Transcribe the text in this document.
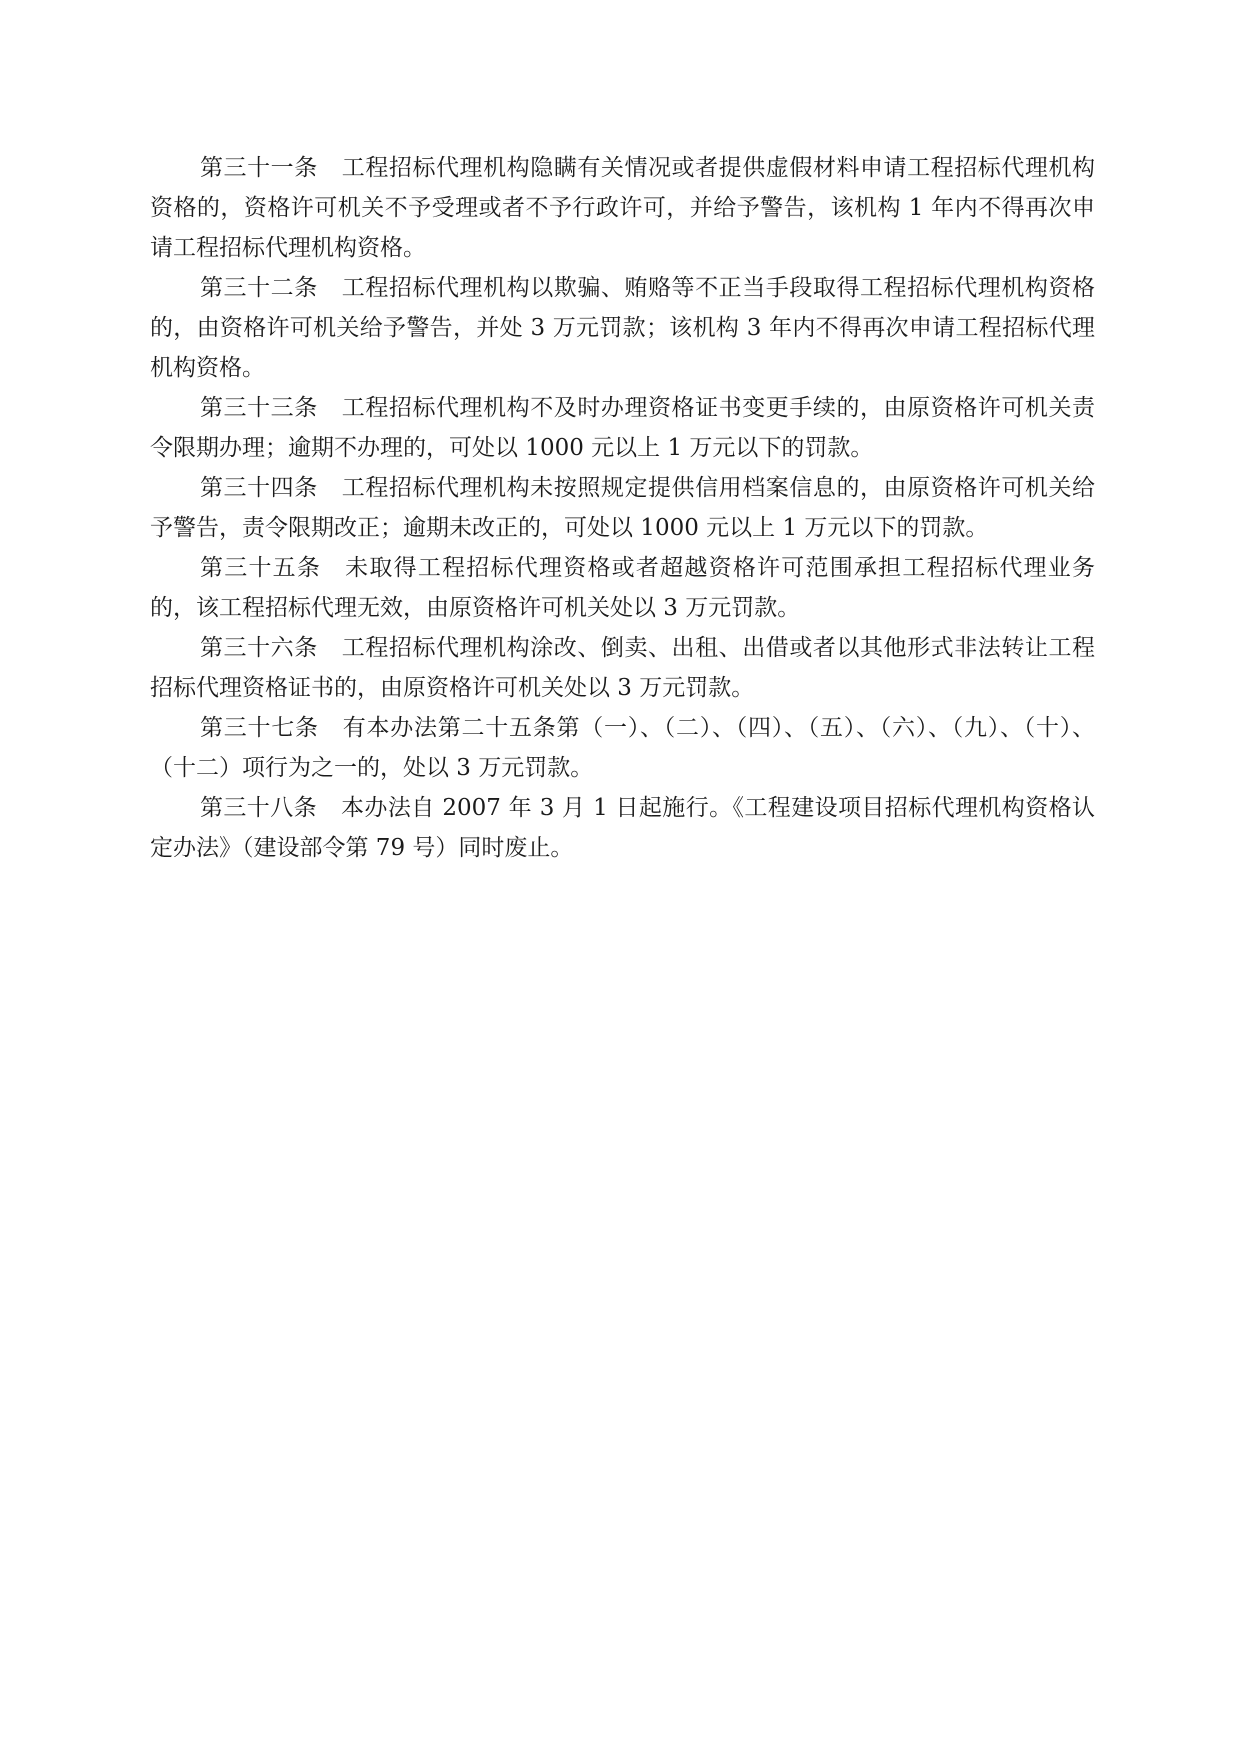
第三十一条 工程招标代理机构隐瞒有关情况或者提供虚假材料申请工程招标代理机构资格的，资格许可机关不予受理或者不予行政许可，并给予警告，该机构 1 年内不得再次申请工程招标代理机构资格。

第三十二条 工程招标代理机构以欺骗、贿赂等不正当手段取得工程招标代理机构资格的，由资格许可机关给予警告，并处 3 万元罚款；该机构 3 年内不得再次申请工程招标代理机构资格。

第三十三条 工程招标代理机构不及时办理资格证书变更手续的，由原资格许可机关责令限期办理；逾期不办理的，可处以 1000 元以上 1 万元以下的罚款。

第三十四条 工程招标代理机构未按照规定提供信用档案信息的，由原资格许可机关给予警告，责令限期改正；逾期未改正的，可处以 1000 元以上 1 万元以下的罚款。

第三十五条 未取得工程招标代理资格或者超越资格许可范围承担工程招标代理业务的，该工程招标代理无效，由原资格许可机关处以 3 万元罚款。

第三十六条 工程招标代理机构涂改、倒卖、出租、出借或者以其他形式非法转让工程招标代理资格证书的，由原资格许可机关处以 3 万元罚款。

第三十七条 有本办法第二十五条第（一）、（二）、（四）、（五）、（六）、（九）、（十）、（十二）项行为之一的，处以 3 万元罚款。

第三十八条 本办法自 2007 年 3 月 1 日起施行。《工程建设项目招标代理机构资格认定办法》（建设部令第 79 号）同时废止。
